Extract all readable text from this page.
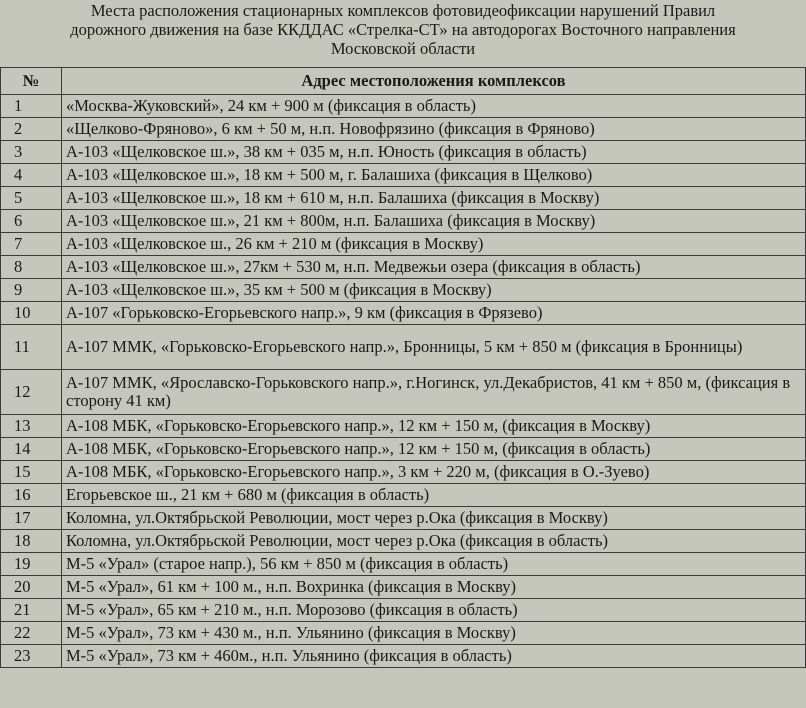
Места расположения стационарных комплексов фотовидеофиксации нарушений Правил
дорожного движения на базе ККДДАС «Стрелка-СТ» на автодорогах Восточного направления
Московской области
№	Адрес местоположения комплексов
1	«Москва-Жуковский», 24 км + 900 м (фиксация в область)
2	«Щелково-Фряново», 6 км + 50 м, н.п. Новофрязино (фиксация в Фряново)
3	А-103 «Щелковское ш.», 38 км + 035 м, н.п. Юность (фиксация в область)
4	А-103 «Щелковское ш.», 18 км + 500 м, г. Балашиха (фиксация в Щелково)
5	А-103 «Щелковское ш.», 18 км + 610 м, н.п. Балашиха (фиксация в Москву)
6	А-103 «Щелковское ш.», 21 км + 800м, н.п. Балашиха (фиксация в Москву)
7	А-103 «Щелковское ш., 26 км + 210 м (фиксация в Москву)
8	А-103 «Щелковское ш.», 27км + 530 м, н.п. Медвежьи озера (фиксация в область)
9	А-103 «Щелковское ш.», 35 км + 500 м (фиксация в Москву)
10	А-107 «Горьковско-Егорьевского напр.», 9 км (фиксация в Фрязево)
11	А-107 ММК, «Горьковско-Егорьевского напр.», Бронницы, 5 км + 850 м (фиксация в Бронницы)
12	А-107 ММК, «Ярославско-Горьковского напр.», г.Ногинск, ул.Декабристов, 41 км + 850 м, (фиксация в сторону 41 км)
13	А-108 МБК, «Горьковско-Егорьевского напр.», 12 км + 150 м, (фиксация в Москву)
14	А-108 МБК, «Горьковско-Егорьевского напр.», 12 км + 150 м, (фиксация в область)
15	А-108 МБК, «Горьковско-Егорьевского напр.», 3 км + 220 м, (фиксация в О.-Зуево)
16	Егорьевское ш., 21 км + 680 м (фиксация в область)
17	Коломна, ул.Октябрьской Революции, мост через р.Ока (фиксация в Москву)
18	Коломна, ул.Октябрьской Революции, мост через р.Ока (фиксация в область)
19	М-5 «Урал» (старое напр.), 56 км + 850 м (фиксация в область)
20	М-5 «Урал», 61 км + 100 м., н.п. Вохринка (фиксация в Москву)
21	М-5 «Урал», 65 км + 210 м., н.п. Морозово (фиксация в область)
22	М-5 «Урал», 73 км + 430 м., н.п. Ульянино (фиксация в Москву)
23	М-5 «Урал», 73 км + 460м., н.п. Ульянино (фиксация в область)
